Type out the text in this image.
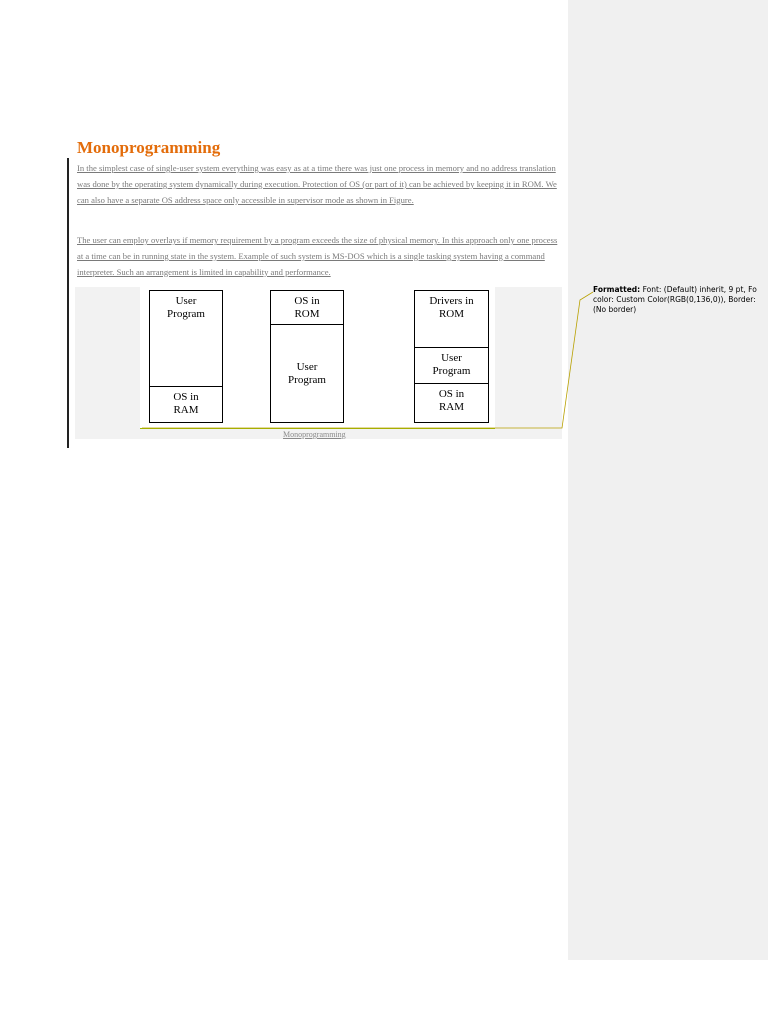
Monoprogramming

In the simplest case of single-user system everything was easy as at a time there was just one process in memory and no address translation was done by the operating system dynamically during execution. Protection of OS (or part of it) can be achieved by keeping it in ROM. We can also have a separate OS address space only accessible in supervisor mode as shown in Figure.

The user can employ overlays if memory requirement by a program exceeds the size of physical memory. In this approach only one process at a time can be in running state in the system. Example of such system is MS-DOS which is a single tasking system having a command interpreter. Such an arrangement is limited in capability and performance.

User
Program
OS in
RAM
OS in
ROM
User
Program
Drivers in
ROM
User
Program
OS in
RAM
Monoprogramming
Formatted: Font: (Default) inherit, 9 pt, Fo
color: Custom Color(RGB(0,136,0)), Border:
(No border)
